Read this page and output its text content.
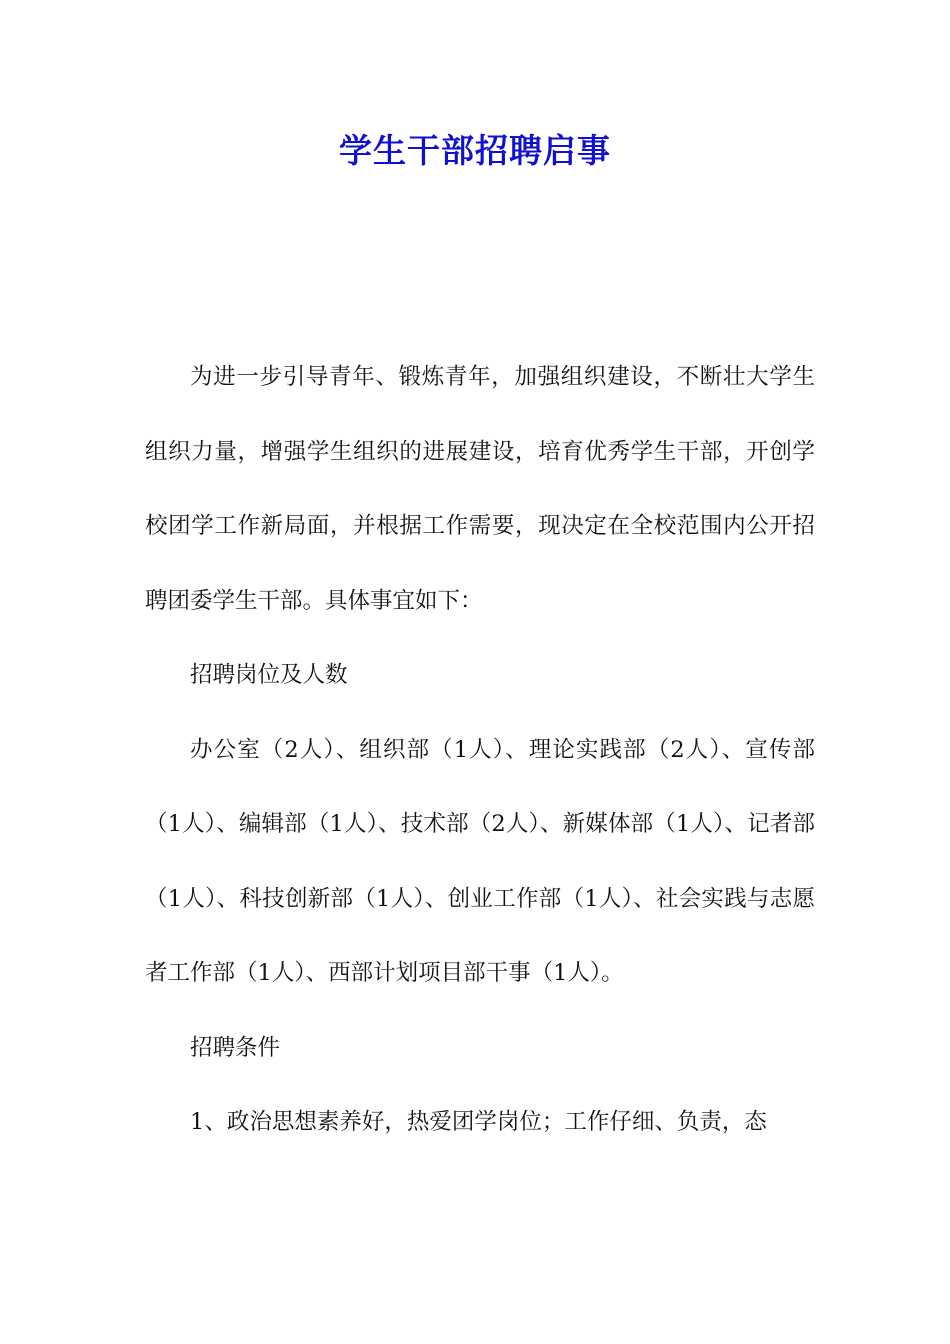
学生干部招聘启事

为进一步引导青年、锻炼青年，加强组织建设，不断壮大学生组织力量，增强学生组织的进展建设，培育优秀学生干部，开创学校团学工作新局面，并根据工作需要，现决定在全校范围内公开招聘团委学生干部。具体事宜如下：

招聘岗位及人数

办公室（2人）、组织部（1人）、理论实践部（2人）、宣传部（1人）、编辑部（1人）、技术部（2人）、新媒体部（1人）、记者部（1人）、科技创新部（1人）、创业工作部（1人）、社会实践与志愿者工作部（1人）、西部计划项目部干事（1人）。

招聘条件

1、政治思想素养好，热爱团学岗位；工作仔细、负责，态
